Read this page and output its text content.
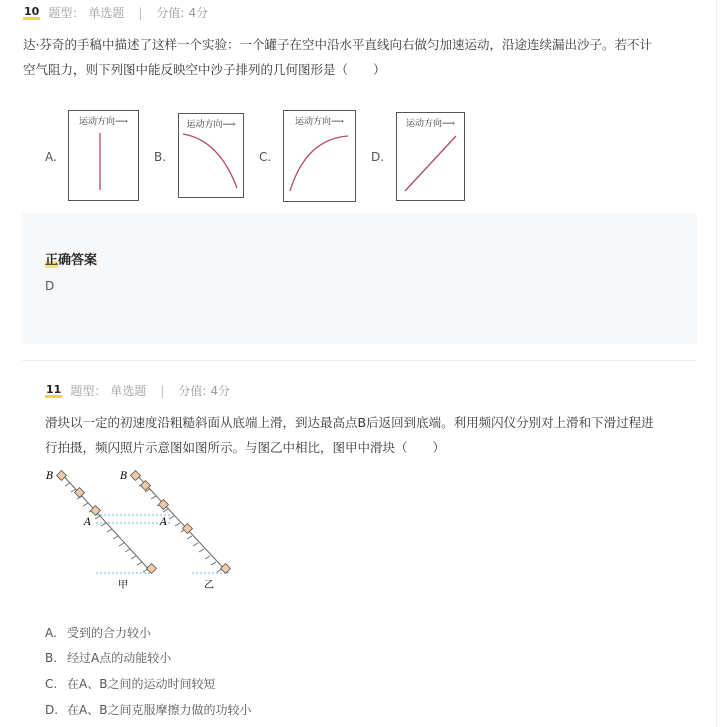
10 题型： 单选题 | 分值: 4分
达·芬奇的手稿中描述了这样一个实验：一个罐子在空中沿水平直线向右做匀加速运动，沿途连续漏出沙子。若不计空气阻力，则下列图中能反映空中沙子排列的几何图形是（　　）
A.
运动方向⟶
B.
运动方向⟶
C.
运动方向⟶
D.
运动方向⟶
正确答案
D
11 题型： 单选题 | 分值: 4分
滑块以一定的初速度沿粗糙斜面从底端上滑，到达最高点B后返回到底端。利用频闪仪分别对上滑和下滑过程进行拍摄，频闪照片示意图如图所示。与图乙中相比，图甲中滑块（　　）
B
A
甲
B
A
乙
A. 受到的合力较小
B. 经过A点的动能较小
C. 在A、B之间的运动时间较短
D. 在A、B之间克服摩擦力做的功较小
